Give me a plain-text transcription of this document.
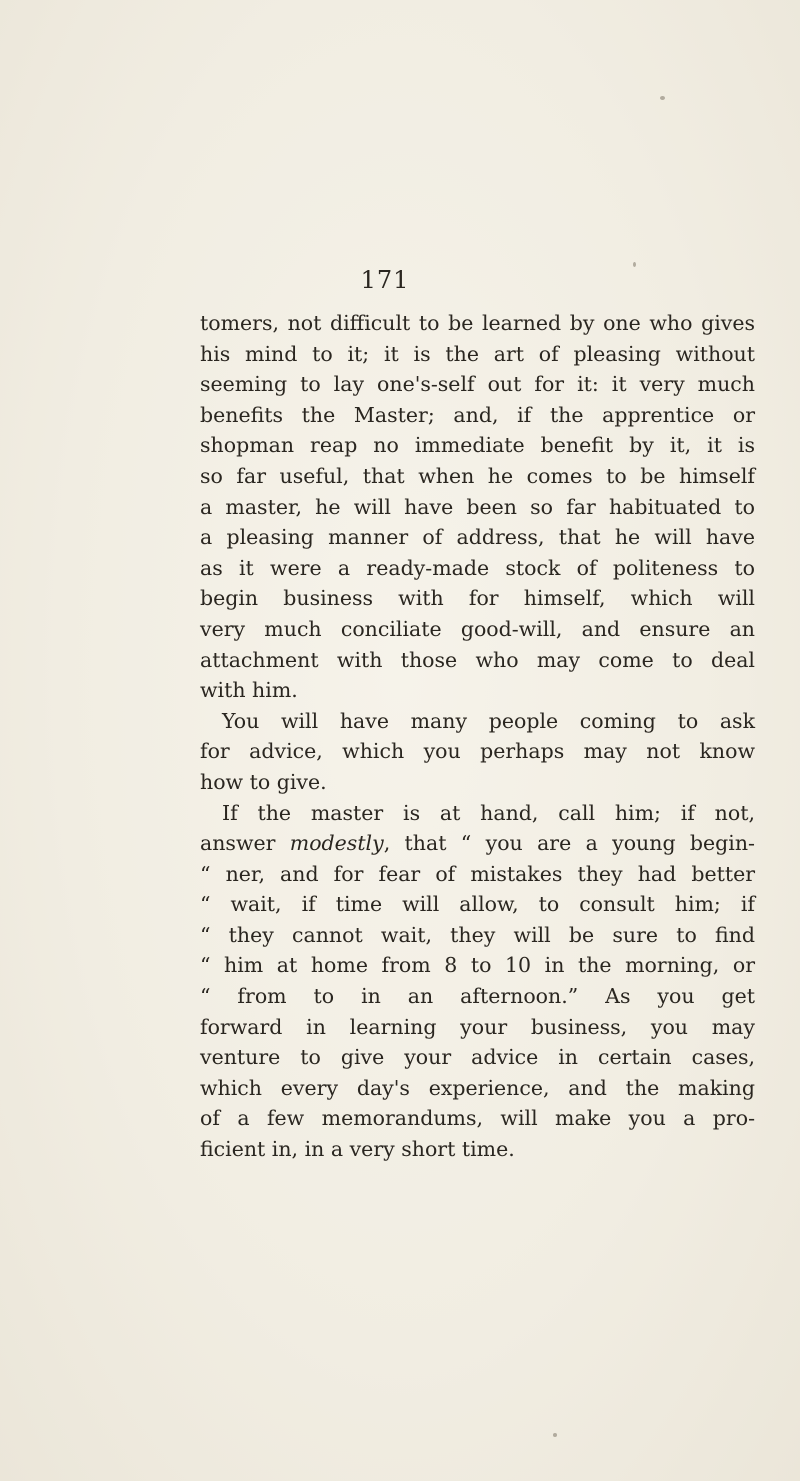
171
tomers, not difficult to be learned by one who gives
his mind to it; it is the art of pleasing without
seeming to lay one's-self out for it: it very much
benefits the Master; and, if the apprentice or
shopman reap no immediate benefit by it, it is
so far useful, that when he comes to be himself
a master, he will have been so far habituated to
a pleasing manner of address, that he will have
as it were a ready-made stock of politeness to
begin business with for himself, which will
very much conciliate good-will, and ensure an
attachment with those who may come to deal
with him.
You will have many people coming to ask
for advice, which you perhaps may not know
how to give.
If the master is at hand, call him; if not,
answer modestly, that “ you are a young begin-
“ ner, and for fear of mistakes they had better
“ wait, if time will allow, to consult him; if
“ they cannot wait, they will be sure to find
“ him at home from 8 to 10 in the morning, or
“ from to in an afternoon.” As you get
forward in learning your business, you may
venture to give your advice in certain cases,
which every day's experience, and the making
of a few memorandums, will make you a pro-
ficient in, in a very short time.
